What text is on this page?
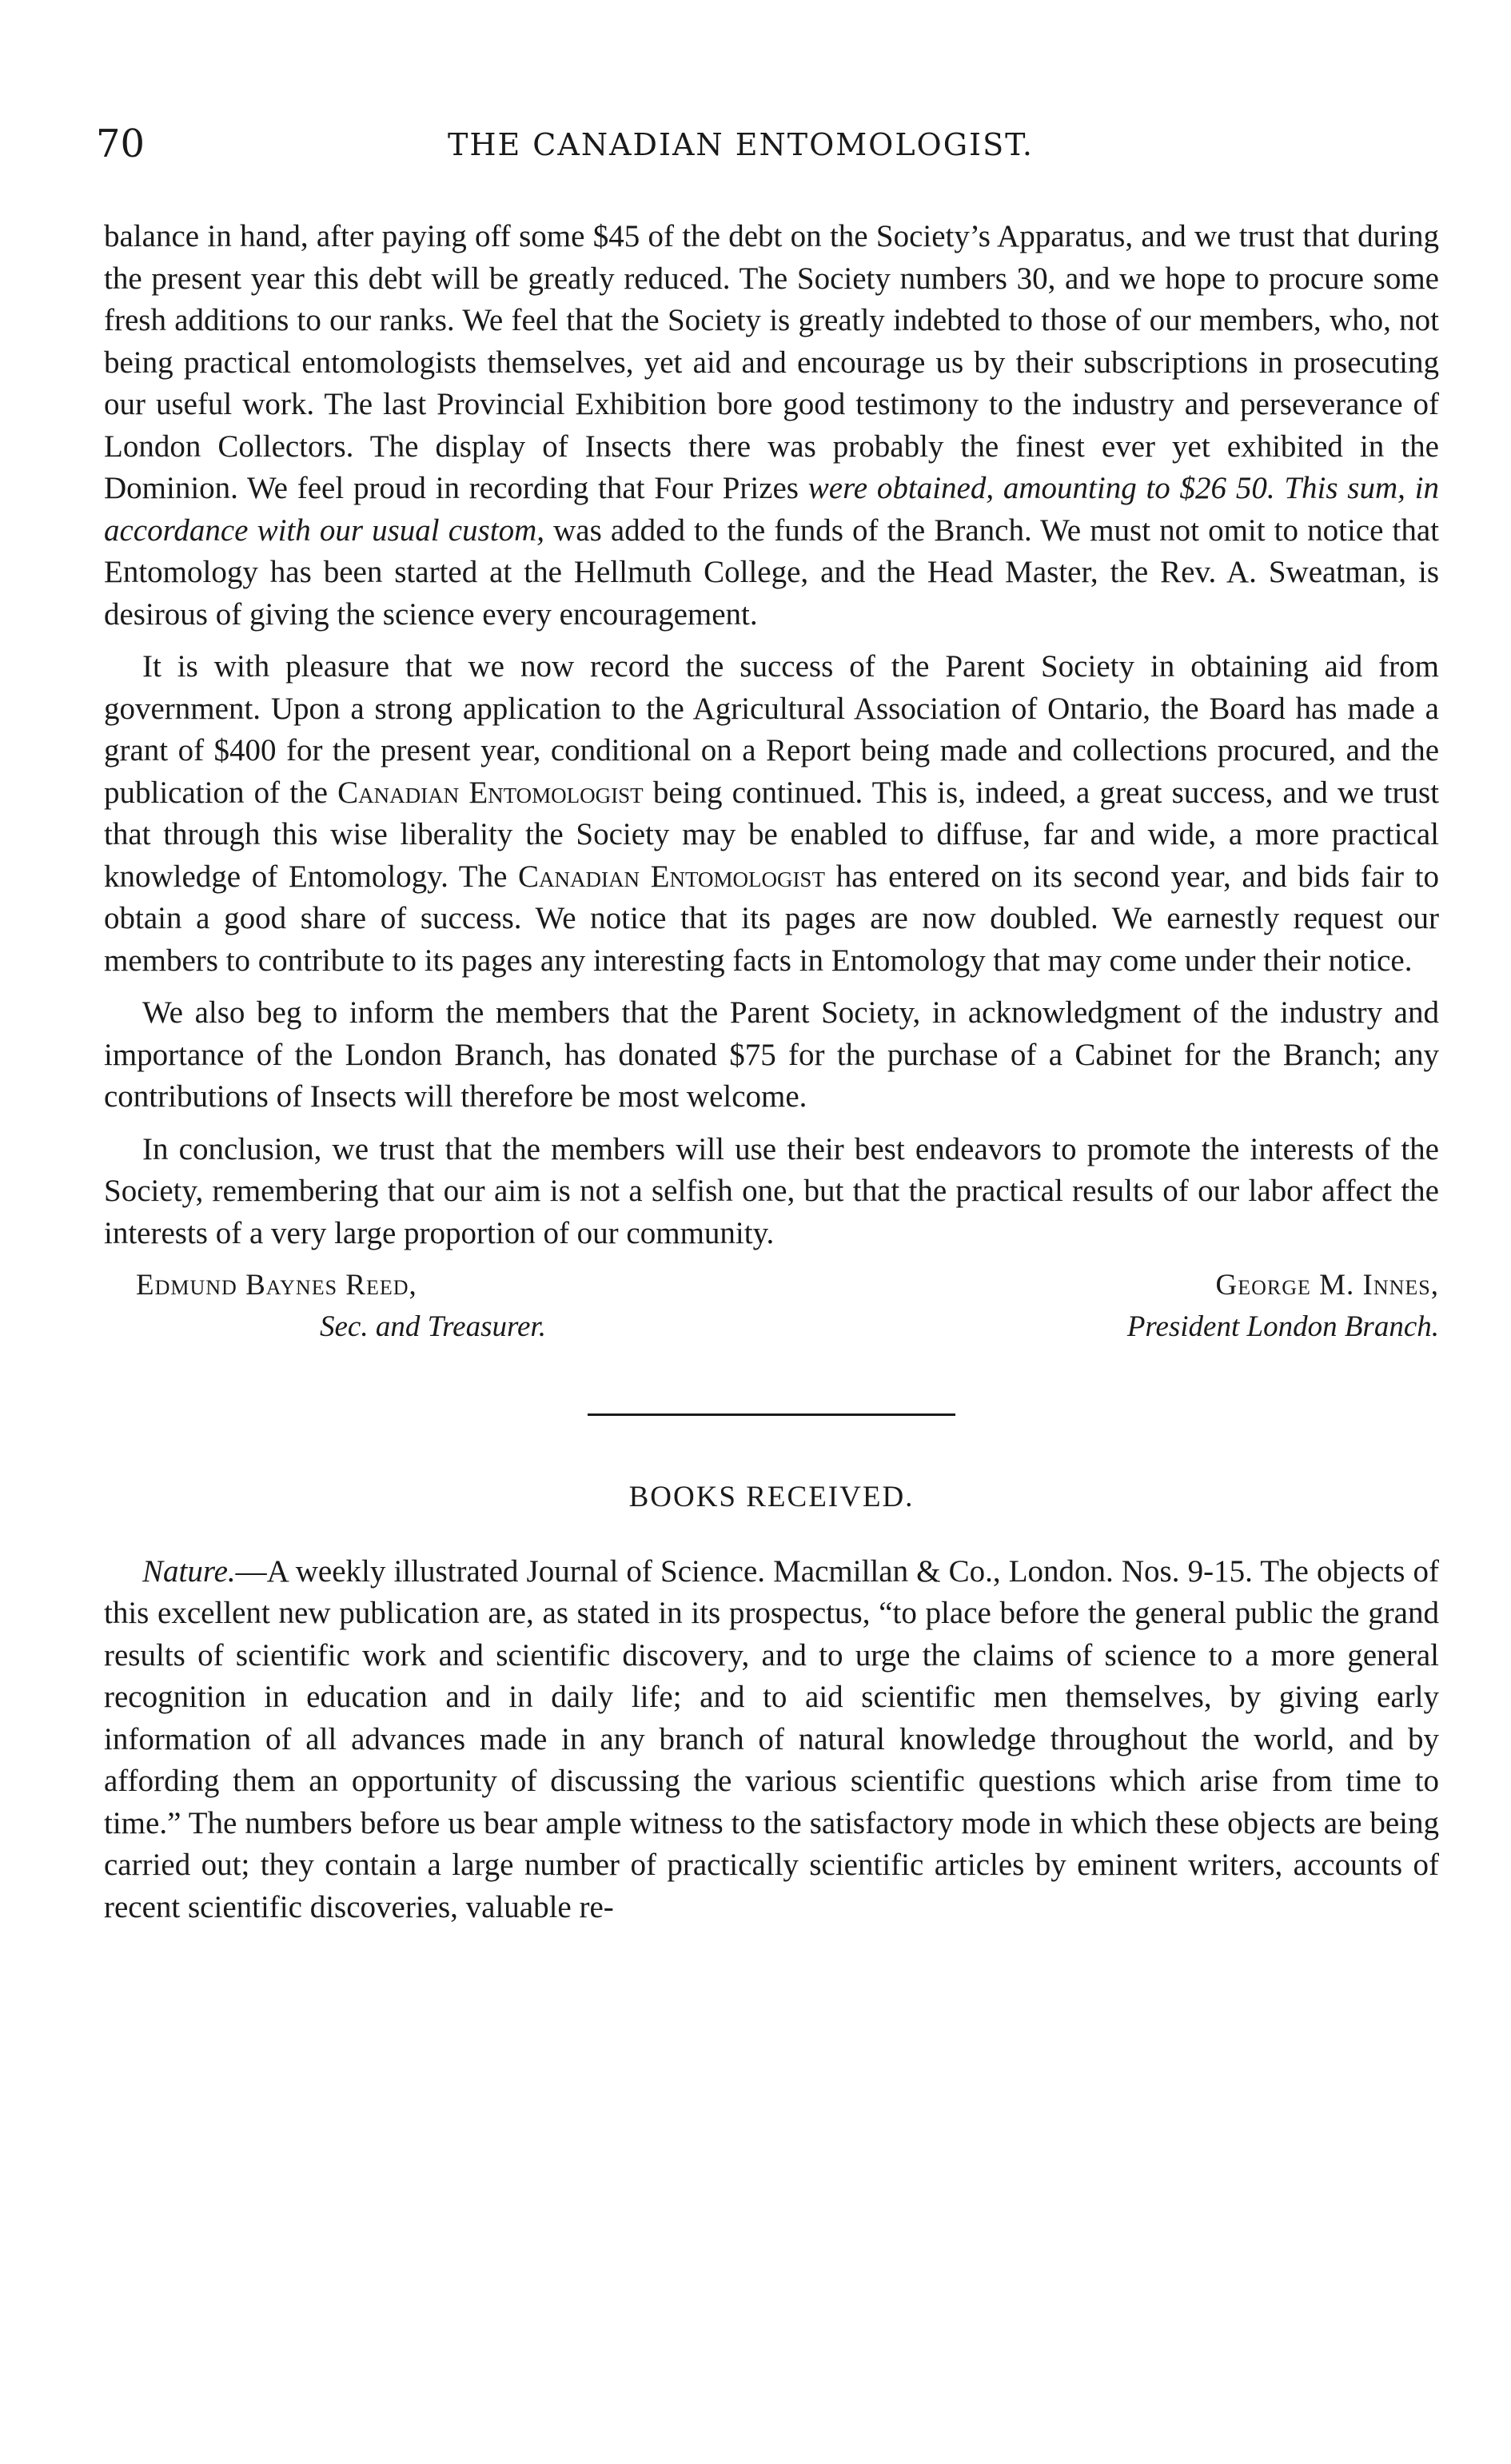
70	THE CANADIAN ENTOMOLOGIST.

balance in hand, after paying off some $45 of the debt on the Society’s Apparatus, and we trust that during the present year this debt will be greatly reduced. The Society numbers 30, and we hope to procure some fresh additions to our ranks. We feel that the Society is greatly indebted to those of our members, who, not being practical entomologists themselves, yet aid and encourage us by their subscriptions in prosecuting our useful work. The last Provincial Exhibition bore good testimony to the industry and perseverance of London Collectors. The display of Insects there was probably the finest ever yet exhibited in the Dominion. We feel proud in recording that Four Prizes were obtained, amounting to $26 50. This sum, in accordance with our usual custom, was added to the funds of the Branch. We must not omit to notice that Entomology has been started at the Hellmuth College, and the Head Master, the Rev. A. Sweatman, is desirous of giving the science every encouragement.

It is with pleasure that we now record the success of the Parent Society in obtaining aid from government. Upon a strong application to the Agricultural Association of Ontario, the Board has made a grant of $400 for the present year, conditional on a Report being made and collections procured, and the publication of the Canadian Entomologist being continued. This is, indeed, a great success, and we trust that through this wise liberality the Society may be enabled to diffuse, far and wide, a more practical knowledge of Entomology. The Canadian Entomologist has entered on its second year, and bids fair to obtain a good share of success. We notice that its pages are now doubled. We earnestly request our members to contribute to its pages any interesting facts in Entomology that may come under their notice.

We also beg to inform the members that the Parent Society, in acknowledgment of the industry and importance of the London Branch, has donated $75 for the purchase of a Cabinet for the Branch; any contributions of Insects will therefore be most welcome.

In conclusion, we trust that the members will use their best endeavors to promote the interests of the Society, remembering that our aim is not a selfish one, but that the practical results of our labor affect the interests of a very large proportion of our community.

Edmund Baynes Reed,
Sec. and Treasurer.
George M. Innes,
President London Branch.
BOOKS RECEIVED.

Nature.—A weekly illustrated Journal of Science. Macmillan & Co., London. Nos. 9-15. The objects of this excellent new publication are, as stated in its prospectus, “to place before the general public the grand results of scientific work and scientific discovery, and to urge the claims of science to a more general recognition in education and in daily life; and to aid scientific men themselves, by giving early information of all advances made in any branch of natural knowledge throughout the world, and by affording them an opportunity of discussing the various scientific questions which arise from time to time.” The numbers before us bear ample witness to the satisfactory mode in which these objects are being carried out; they contain a large number of practically scientific articles by eminent writers, accounts of recent scientific discoveries, valuable re-
